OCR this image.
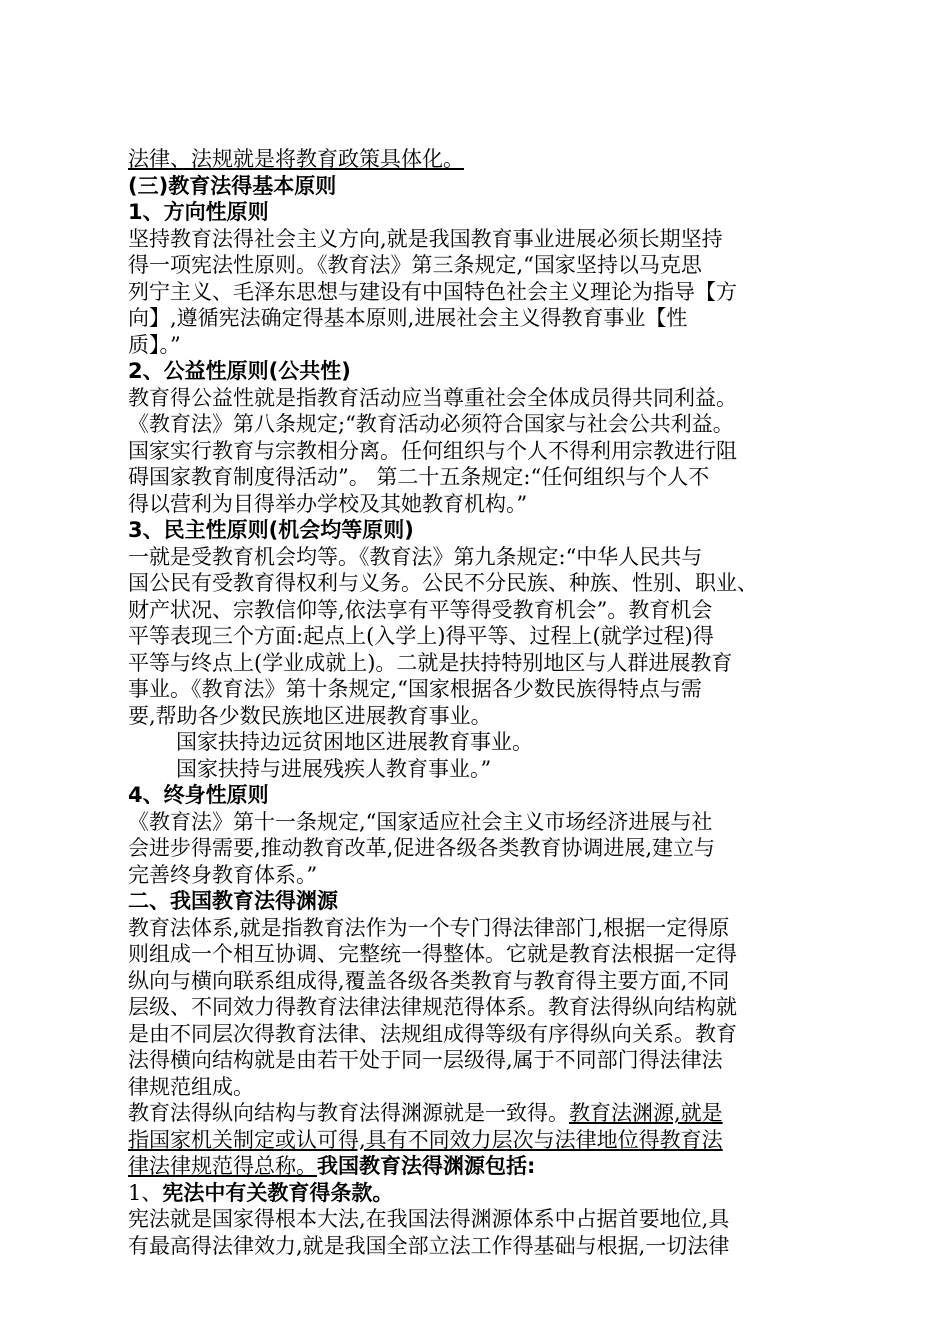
法律、法规就是将教育政策具体化。
(三)教育法得基本原则
1、方向性原则
坚持教育法得社会主义方向,就是我国教育事业进展必须长期坚持
得一项宪法性原则。《教育法》第三条规定,“国家坚持以马克思
列宁主义、毛泽东思想与建设有中国特色社会主义理论为指导【方
向】,遵循宪法确定得基本原则,进展社会主义得教育事业【性
质】。”
2、公益性原则(公共性)
教育得公益性就是指教育活动应当尊重社会全体成员得共同利益。
《教育法》第八条规定;“教育活动必须符合国家与社会公共利益。
国家实行教育与宗教相分离。任何组织与个人不得利用宗教进行阻
碍国家教育制度得活动”。 第二十五条规定:“任何组织与个人不
得以营利为目得举办学校及其她教育机构。”
3、民主性原则(机会均等原则)
一就是受教育机会均等。《教育法》第九条规定:“中华人民共与
国公民有受教育得权利与义务。公民不分民族、种族、性别、职业、
财产状况、宗教信仰等,依法享有平等得受教育机会”。教育机会
平等表现三个方面:起点上(入学上)得平等、过程上(就学过程)得
平等与终点上(学业成就上)。二就是扶持特别地区与人群进展教育
事业。《教育法》第十条规定,“国家根据各少数民族得特点与需
要,帮助各少数民族地区进展教育事业。
国家扶持边远贫困地区进展教育事业。
国家扶持与进展残疾人教育事业。”
4、终身性原则
《教育法》第十一条规定,“国家适应社会主义市场经济进展与社
会进步得需要,推动教育改革,促进各级各类教育协调进展,建立与
完善终身教育体系。”
二、我国教育法得渊源
教育法体系,就是指教育法作为一个专门得法律部门,根据一定得原
则组成一个相互协调、完整统一得整体。它就是教育法根据一定得
纵向与横向联系组成得,覆盖各级各类教育与教育得主要方面,不同
层级、不同效力得教育法律法律规范得体系。教育法得纵向结构就
是由不同层次得教育法律、法规组成得等级有序得纵向关系。教育
法得横向结构就是由若干处于同一层级得,属于不同部门得法律法
律规范组成。
教育法得纵向结构与教育法得渊源就是一致得。教育法渊源,就是
指国家机关制定或认可得,具有不同效力层次与法律地位得教育法
律法律规范得总称。我国教育法得渊源包括:
1、宪法中有关教育得条款。
宪法就是国家得根本大法,在我国法得渊源体系中占据首要地位,具
有最高得法律效力,就是我国全部立法工作得基础与根据,一切法律
